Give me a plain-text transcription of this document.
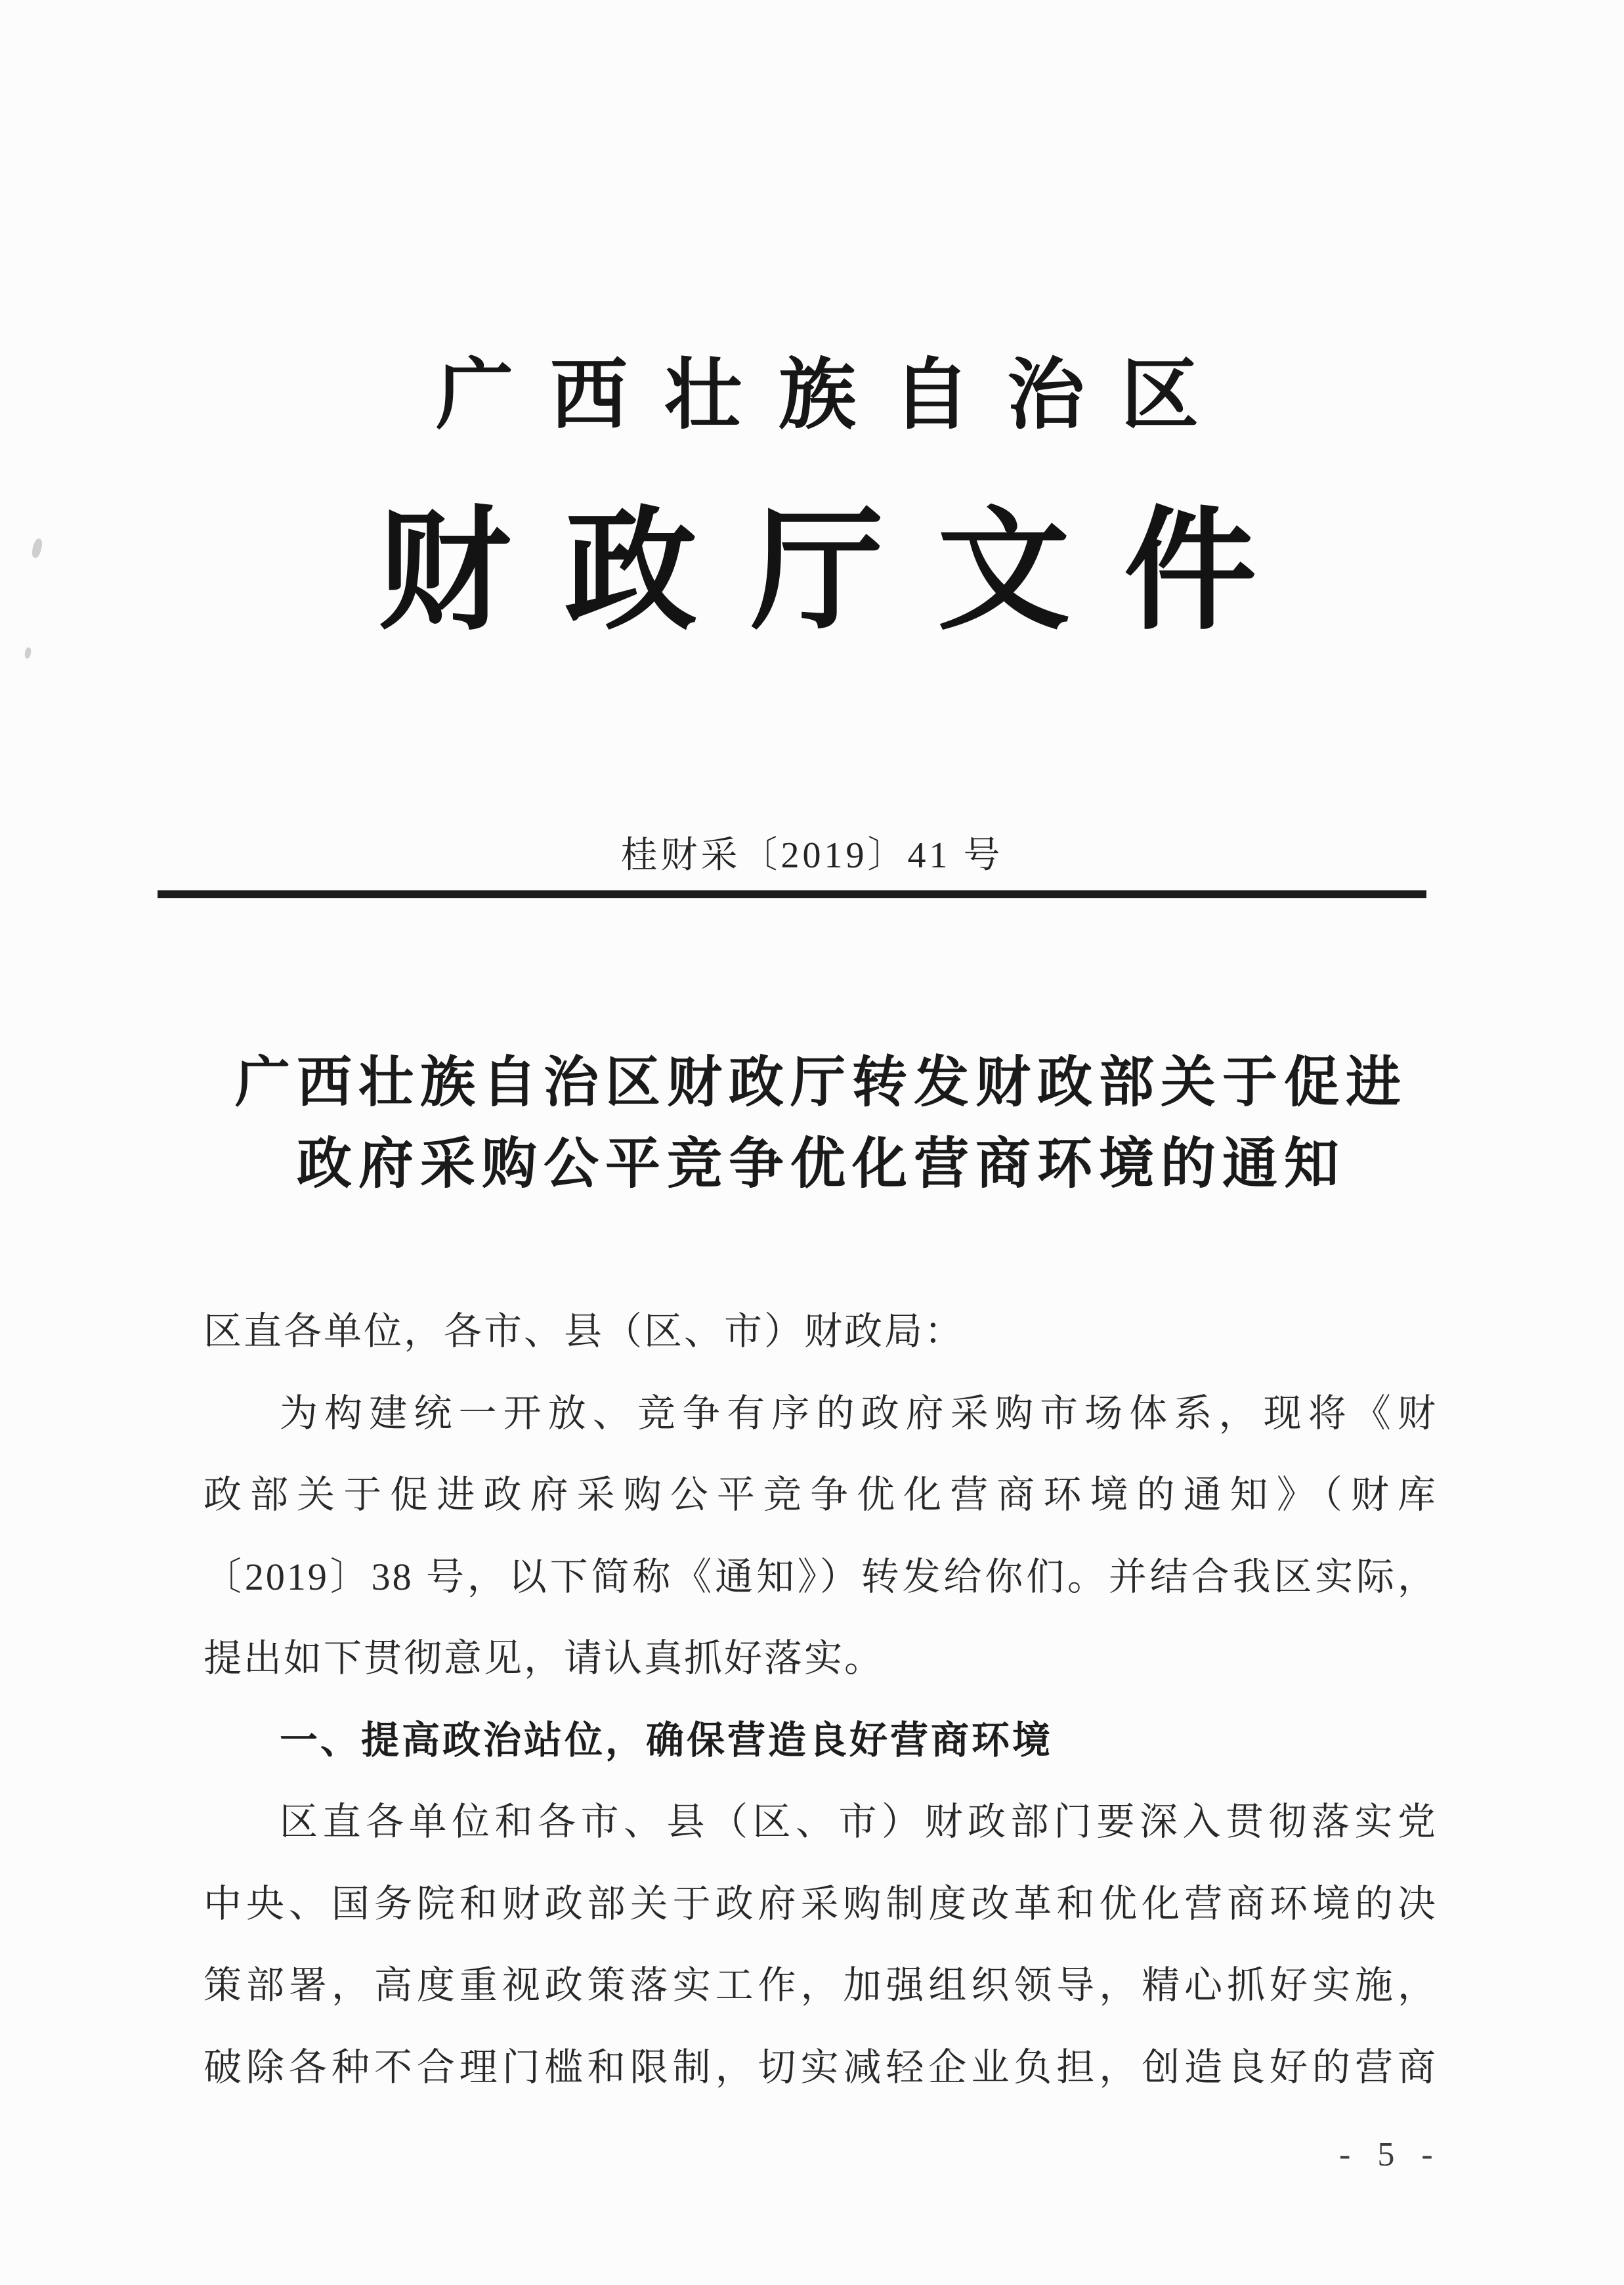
广西壮族自治区
财政厅文件
桂财采〔2019〕41 号
广西壮族自治区财政厅转发财政部关于促进
政府采购公平竞争优化营商环境的通知
区直各单位，各市、县（区、市）财政局：
为构建统一开放、竞争有序的政府采购市场体系，现将《财
政部关于促进政府采购公平竞争优化营商环境的通知》（财库
〔2019〕38 号，以下简称《通知》）转发给你们。并结合我区实际，
提出如下贯彻意见，请认真抓好落实。
一、提高政治站位，确保营造良好营商环境
区直各单位和各市、县（区、市）财政部门要深入贯彻落实党
中央、国务院和财政部关于政府采购制度改革和优化营商环境的决
策部署，高度重视政策落实工作，加强组织领导，精心抓好实施，
破除各种不合理门槛和限制，切实减轻企业负担，创造良好的营商
- 5 -
